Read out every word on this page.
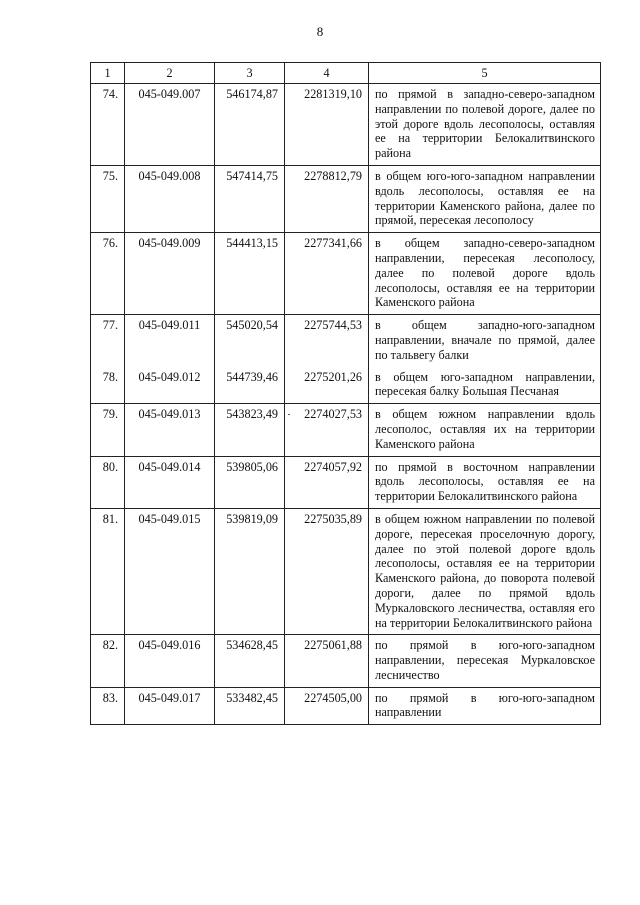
8
1	2	3	4	5
74.	045-049.007	546174,87	2281319,10	по прямой в западно-северо-западном направлении по полевой дороге, далее по этой дороге вдоль лесополосы, оставляя ее на территории Белокалитвинского района
75.	045-049.008	547414,75	2278812,79	в общем юго-юго-западном направлении вдоль лесополосы, оставляя ее на территории Каменского района, далее по прямой, пересекая лесополосу
76.	045-049.009	544413,15	2277341,66	в общем западно-северо-западном направлении, пересекая лесополосу, далее по полевой дороге вдоль лесополосы, оставляя ее на территории Каменского района
77.	045-049.011	545020,54	2275744,53	в общем западно-юго-западном направлении, вначале по прямой, далее по тальвегу балки
78.	045-049.012	544739,46	2275201,26	в общем юго-западном направлении, пересекая балку Большая Песчаная
79.	045-049.013	543823,49	2274027,53	в общем южном направлении вдоль лесополос, оставляя их на территории Каменского района
80.	045-049.014	539805,06	2274057,92	по прямой в восточном направлении вдоль лесополосы, оставляя ее на территории Белокалитвинского района
81.	045-049.015	539819,09	2275035,89	в общем южном направлении по полевой дороге, пересекая проселочную дорогу, далее по этой полевой дороге вдоль лесополосы, оставляя ее на территории Каменского района, до поворота полевой дороги, далее по прямой вдоль Муркаловского лесничества, оставляя его на территории Белокалитвинского района
82.	045-049.016	534628,45	2275061,88	по прямой в юго-юго-западном направлении, пересекая Муркаловское лесничество
83.	045-049.017	533482,45	2274505,00	по прямой в юго-юго-западном направлении
